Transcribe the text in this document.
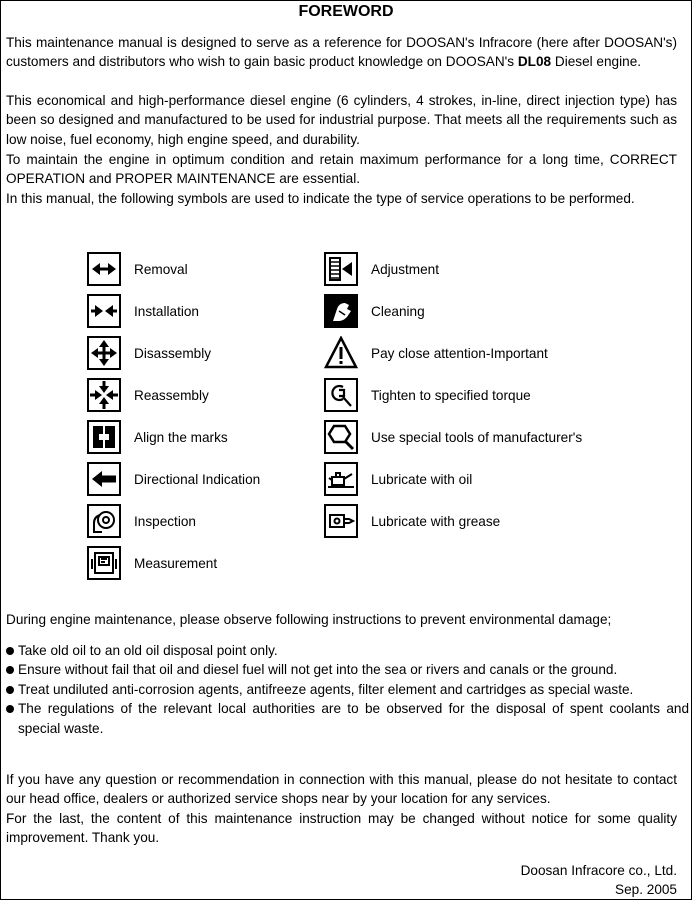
FOREWORD

This maintenance manual is designed to serve as a reference for DOOSAN's Infracore (here after DOOSAN's) customers and distributors who wish to gain basic product knowledge on DOOSAN's DL08 Diesel engine.

This economical and high-performance diesel engine (6 cylinders, 4 strokes, in-line, direct injection type) has been so designed and manufactured to be used for industrial purpose. That meets all the requirements such as low noise, fuel economy, high engine speed, and durability.

To maintain the engine in optimum condition and retain maximum performance for a long time, CORRECT OPERATION and PROPER MAINTENANCE are essential.

In this manual, the following symbols are used to indicate the type of service operations to be performed.

Removal
Installation
Disassembly
Reassembly
Align the marks
Directional Indication
Inspection
Measurement
Adjustment
Cleaning
Pay close attention-Important
Tighten to specified torque
Use special tools of manufacturer's
Lubricate with oil
Lubricate with grease
During engine maintenance, please observe following instructions to prevent environmental damage;
Take old oil to an old oil disposal point only.
Ensure without fail that oil and diesel fuel will not get into the sea or rivers and canals or the ground.
Treat undiluted anti-corrosion agents, antifreeze agents, filter element and cartridges as special waste.
The regulations of the relevant local authorities are to be observed for the disposal of spent coolants and special waste.

If you have any question or recommendation in connection with this manual, please do not hesitate to contact our head office, dealers or authorized service shops near by your location for any services.

For the last, the content of this maintenance instruction may be changed without notice for some quality improvement. Thank you.

Doosan Infracore co., Ltd.
Sep. 2005
